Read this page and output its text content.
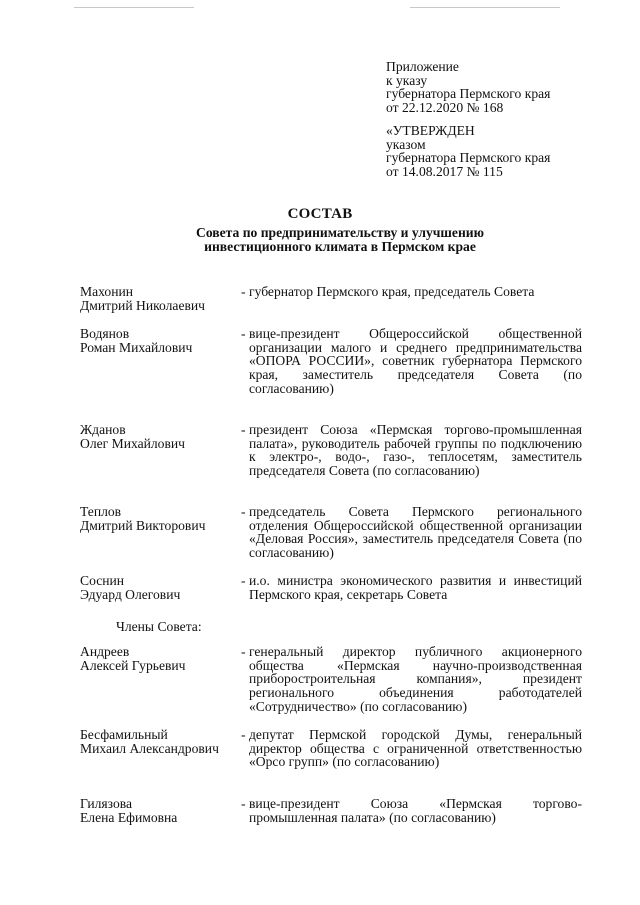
Приложение
к указу
губернатора Пермского края
от 22.12.2020 № 168
«УТВЕРЖДЕН
указом
губернатора Пермского края
от 14.08.2017 № 115
СОСТАВ
Совета по предпринимательству и улучшению
инвестиционного климата в Пермском крае
Махонин
Дмитрий Николаевич
- губернатор Пермского края, председатель Совета
Водянов
Роман Михайлович
- вице-президент Общероссийской общественной организации малого и среднего предпринимательства «ОПОРА РОССИИ», советник губернатора Пермского края, заместитель председателя Совета (по согласованию)
Жданов
Олег Михайлович
- президент Союза «Пермская торгово-промышленная палата», руководитель рабочей группы по подключению к электро-, водо-, газо-, теплосетям, заместитель председателя Совета (по согласованию)
Теплов
Дмитрий Викторович
- председатель Совета Пермского регионального отделения Общероссийской общественной организации «Деловая Россия», заместитель председателя Совета (по согласованию)
Соснин
Эдуард Олегович
- и.о. министра экономического развития и инвестиций Пермского края, секретарь Совета
Андреев
Алексей Гурьевич
- генеральный директор публичного акционерного общества «Пермская научно-производственная приборостроительная компания», президент регионального объединения работодателей «Сотрудничество» (по согласованию)
Бесфамильный
Михаил Александрович
- депутат Пермской городской Думы, генеральный директор общества с ограниченной ответственностью «Орсо групп» (по согласованию)
Гилязова
Елена Ефимовна
- вице-президент Союза «Пермская торгово-промышленная палата» (по согласованию)
Члены Совета:
